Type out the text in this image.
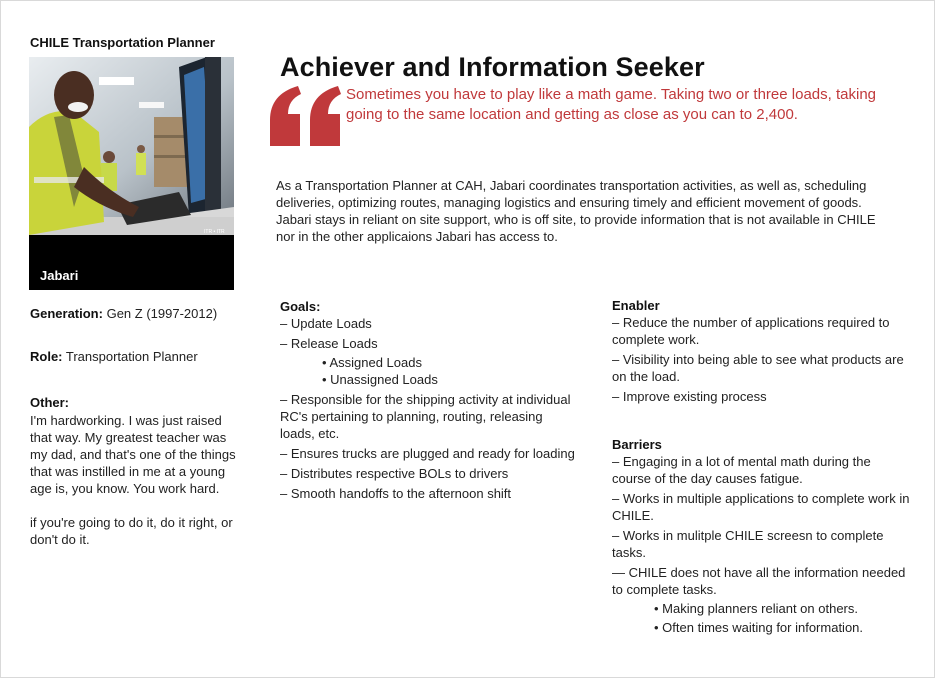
CHILE Transportation Planner
ITR • ITR
Jabari
Generation: Gen Z (1997-2012)
Role: Transportation Planner
Other:

I'm hardworking. I was just raised that way. My greatest teacher was my dad, and that's one of the things that was instilled in me at a young age is, you know. You work hard.

if you're going to do it, do it right, or don't do it.

Achiever and Information Seeker
Sometimes you have to play like a math game. Taking two or three loads, taking going to the same location and getting as close as you can to 2,400.
As a Transportation Planner at CAH, Jabari coordinates transportation activities, as well as, scheduling deliveries, optimizing routes, managing logistics and ensuring timely and efficient movement of goods. Jabari stays in reliant on site support, who is off site, to provide information that is not available in CHILE nor in the other applicaions Jabari has access to.
Goals:
– Update Loads
– Release Loads
• Assigned Loads
• Unassigned Loads
– Responsible for the shipping activity at individual RC's pertaining to planning, routing, releasing loads, etc.
– Ensures trucks are plugged and ready for loading
– Distributes respective BOLs to drivers
– Smooth handoffs to the afternoon shift
Enabler
– Reduce the number of applications required to complete work.
– Visibility into being able to see what products are on the load.
– Improve existing process
Barriers
– Engaging in a lot of mental math during the course of the day causes fatigue.
– Works in multiple applications to complete work in CHILE.
– Works in mulitple CHILE screesn to complete tasks.
— CHILE does not have all the information needed to complete tasks.
• Making planners reliant on others.
• Often times waiting for information.
